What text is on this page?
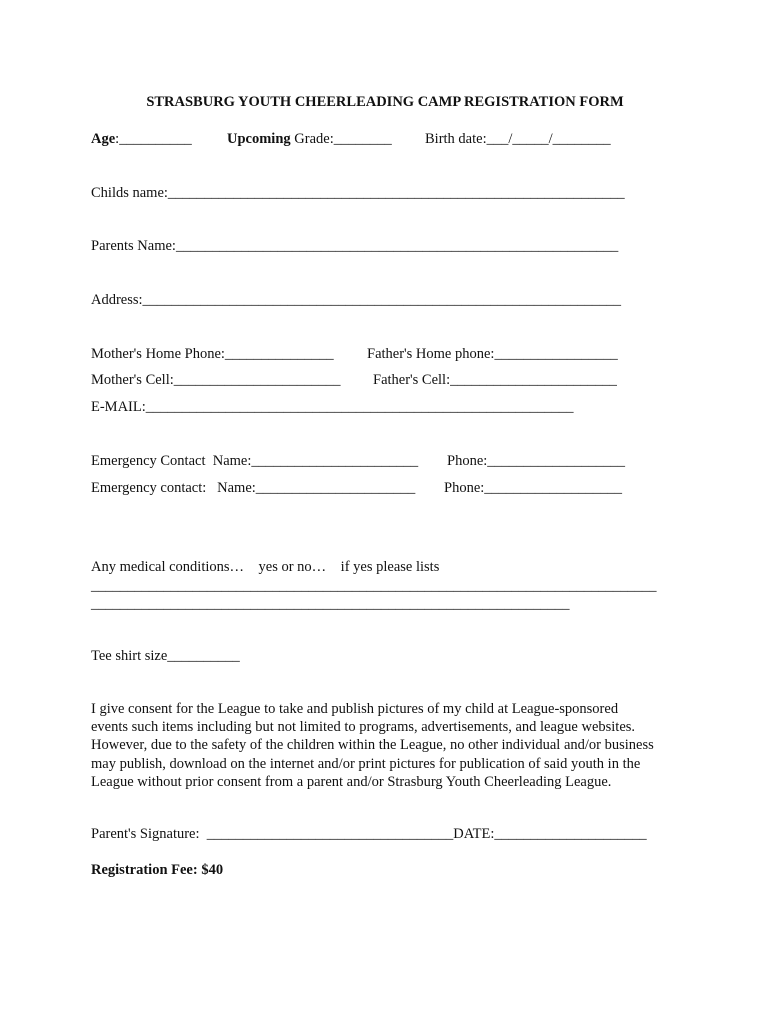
STRASBURG YOUTH CHEERLEADING CAMP REGISTRATION FORM
Age:__________ Upcoming Grade:________ Birth date:___/_____/________
Childs name:_______________________________________________________________
Parents Name:_____________________________________________________________
Address:__________________________________________________________________
Mother's Home Phone:_______________ Father's Home phone:_________________
Mother's Cell:_______________________ Father's Cell:_______________________
E-MAIL:___________________________________________________________
Emergency Contact  Name:_______________________ Phone:___________________
Emergency contact:   Name:______________________ Phone:___________________
Any medical conditions…    yes or no…    if yes please lists
______________________________________________________________________________
__________________________________________________________________
Tee shirt size__________
I give consent for the League to take and publish pictures of my child at League-sponsored
events such items including but not limited to programs, advertisements, and league websites.
However, due to the safety of the children within the League, no other individual and/or business
may publish, download on the internet and/or print pictures for publication of said youth in the
League without prior consent from a parent and/or Strasburg Youth Cheerleading League.
Parent's Signature:  __________________________________DATE:_____________________
Registration Fee: $40
